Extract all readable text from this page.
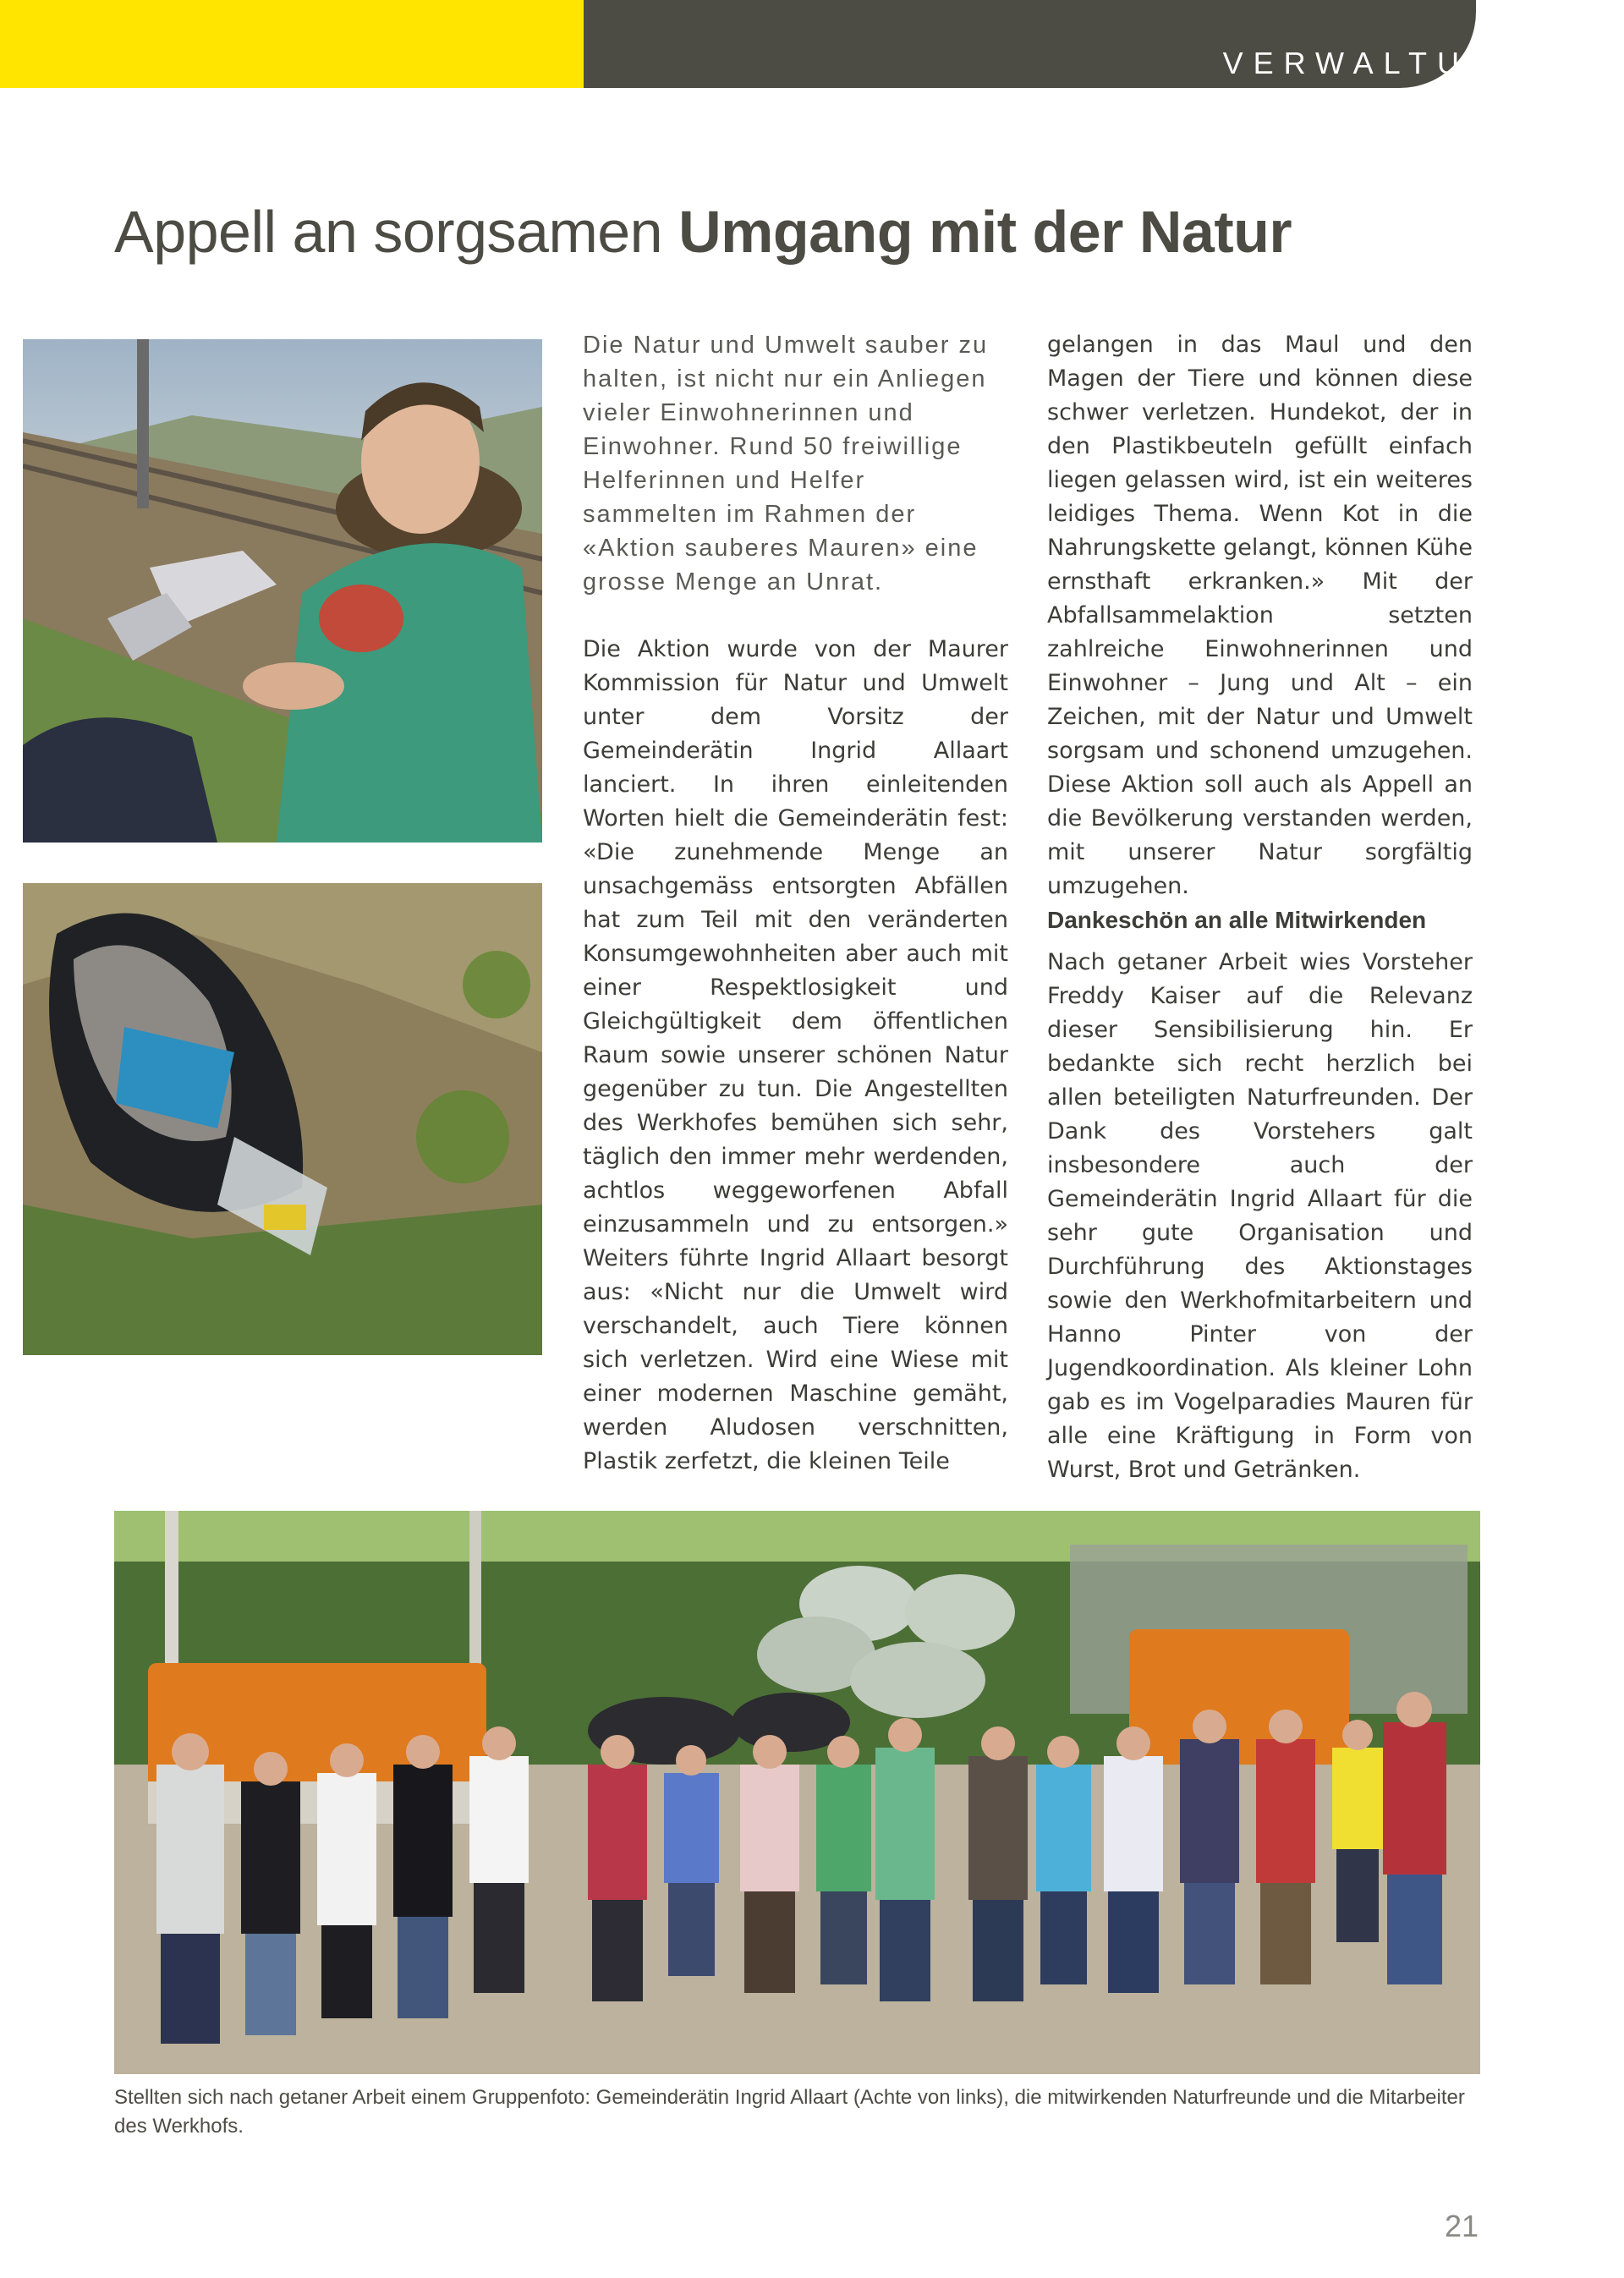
VERWALTUNG
Appell an sorgsamen Umgang mit der Natur

Die Natur und Umwelt sauber zu halten, ist nicht nur ein Anliegen vieler Einwohnerinnen und Einwohner. Rund 50 freiwillige Helferinnen und Helfer sammelten im Rahmen der «Aktion sauberes Mauren» eine grosse Menge an Unrat.

Die Aktion wurde von der Maurer Kommission für Natur und Umwelt unter dem Vorsitz der Gemeinderätin Ingrid Allaart lanciert. In ihren einleitenden Worten hielt die Gemeinderätin fest: «Die zunehmende Menge an unsachgemäss entsorgten Abfällen hat zum Teil mit den veränderten Konsumgewohnheiten aber auch mit einer Respektlosigkeit und Gleichgültigkeit dem öffentlichen Raum sowie unserer schönen Natur gegenüber zu tun. Die Angestellten des Werkhofes bemühen sich sehr, täglich den immer mehr werdenden, achtlos weggeworfenen Abfall einzusammeln und zu entsorgen.» Weiters führte Ingrid Allaart besorgt aus: «Nicht nur die Umwelt wird verschandelt, auch Tiere können sich verletzen. Wird eine Wiese mit einer modernen Maschine gemäht, werden Aludosen verschnitten, Plastik zerfetzt, die kleinen Teile

gelangen in das Maul und den Magen der Tiere und können diese schwer verletzen. Hundekot, der in den Plastikbeuteln gefüllt einfach liegen gelassen wird, ist ein weiteres leidiges Thema. Wenn Kot in die Nahrungskette gelangt, können Kühe ernsthaft erkranken.» Mit der Abfallsammelaktion setzten zahlreiche Einwohnerinnen und Einwohner – Jung und Alt – ein Zeichen, mit der Natur und Umwelt sorgsam und schonend umzugehen. Diese Aktion soll auch als Appell an die Bevölkerung verstanden werden, mit unserer Natur sorgfältig umzugehen.

Dankeschön an alle Mitwirkenden

Nach getaner Arbeit wies Vorsteher Freddy Kaiser auf die Relevanz dieser Sensibilisierung hin. Er bedankte sich recht herzlich bei allen beteiligten Naturfreunden. Der Dank des Vorstehers galt insbesondere auch der Gemeinderätin Ingrid Allaart für die sehr gute Organisation und Durchführung des Aktionstages sowie den Werkhofmitarbeitern und Hanno Pinter von der Jugendkoordination. Als kleiner Lohn gab es im Vogelparadies Mauren für alle eine Kräftigung in Form von Wurst, Brot und Getränken.

Stellten sich nach getaner Arbeit einem Gruppenfoto: Gemeinderätin Ingrid Allaart (Achte von links), die mitwirkenden Naturfreunde und die Mitarbeiter des Werkhofs.

21
